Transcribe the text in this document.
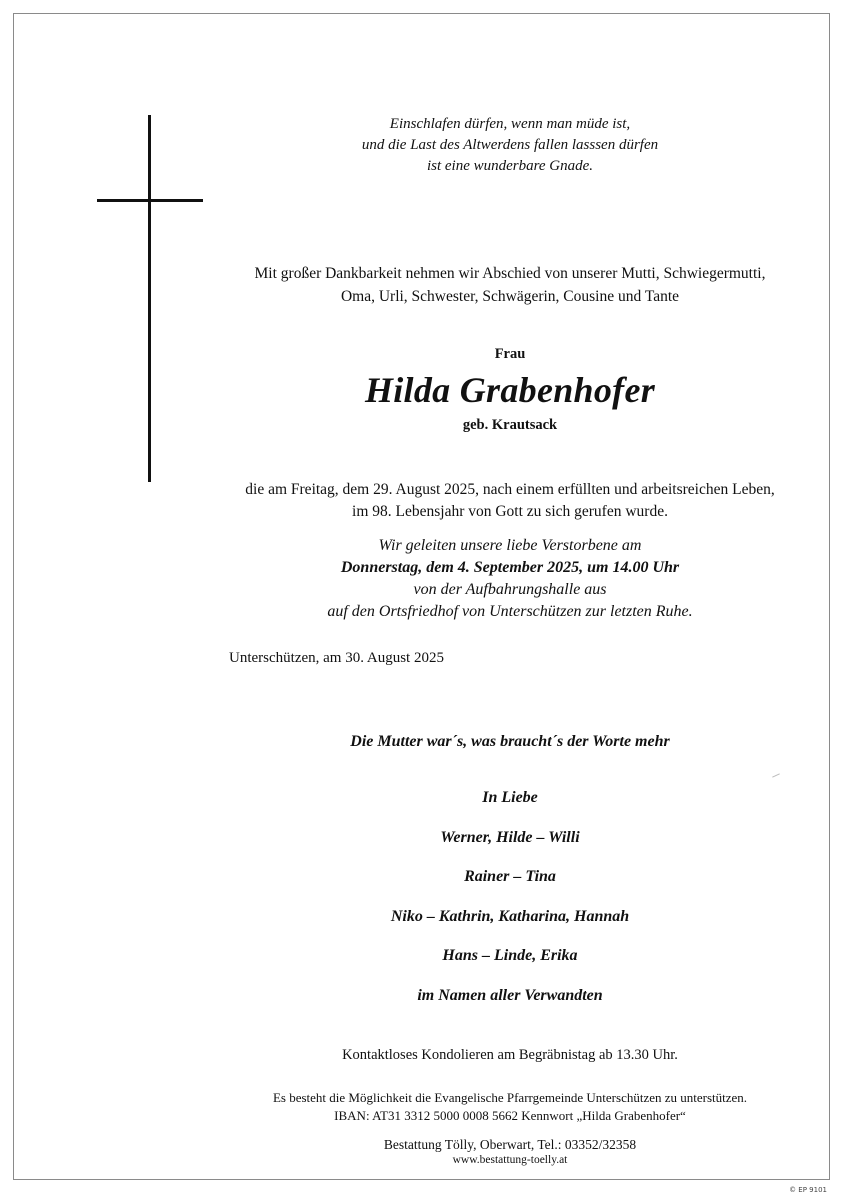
Einschlafen dürfen, wenn man müde ist,
und die Last des Altwerdens fallen lasssen dürfen
ist eine wunderbare Gnade.
Mit großer Dankbarkeit nehmen wir Abschied von unserer Mutti, Schwiegermutti,
Oma, Urli, Schwester, Schwägerin, Cousine und Tante
Frau
Hilda Grabenhofer
geb. Krautsack
die am Freitag, dem 29. August 2025, nach einem erfüllten und arbeitsreichen Leben,
im 98. Lebensjahr von Gott zu sich gerufen wurde.
Wir geleiten unsere liebe Verstorbene am
Donnerstag, dem 4. September 2025, um 14.00 Uhr
von der Aufbahrungshalle aus
auf den Ortsfriedhof von Unterschützen zur letzten Ruhe.
Unterschützen, am 30. August 2025
Die Mutter war´s, was braucht´s der Worte mehr
In Liebe
Werner, Hilde – Willi
Rainer – Tina
Niko – Kathrin, Katharina, Hannah
Hans – Linde, Erika
im Namen aller Verwandten
Kontaktloses Kondolieren am Begräbnistag ab 13.30 Uhr.
Es besteht die Möglichkeit die Evangelische Pfarrgemeinde Unterschützen zu unterstützen.
IBAN: AT31 3312 5000 0008 5662 Kennwort „Hilda Grabenhofer“
Bestattung Tölly, Oberwart, Tel.: 03352/32358
www.bestattung-toelly.at
© EP 9101
